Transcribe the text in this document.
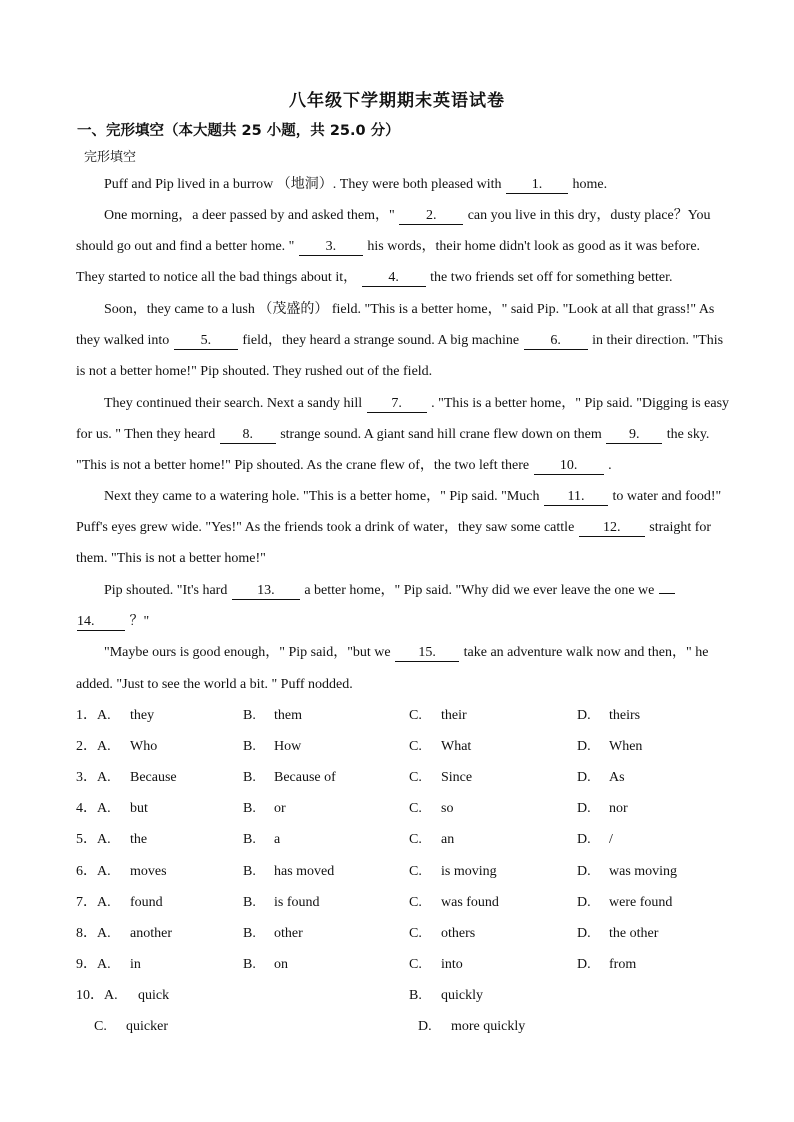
八年级下学期期末英语试卷
一、完形填空（本大题共 25 小题，共 25.0 分）
完形填空
Puff and Pip lived in a burrow （地洞）. They were both pleased with 1. home.
One morning，a deer passed by and asked them，" 2. can you live in this dry，dusty place？You
should go out and find a better home. " 3. his words，their home didn't look as good as it was before.
They started to notice all the bad things about it， 4. the two friends set off for something better.
Soon，they came to a lush （茂盛的） field. "This is a better home，" said Pip. "Look at all that grass!" As
they walked into 5. field，they heard a strange sound. A big machine 6. in their direction. "This
is not a better home!" Pip shouted. They rushed out of the field.
They continued their search. Next a sandy hill 7. . "This is a better home，" Pip said. "Digging is easy
for us. " Then they heard 8. strange sound. A giant sand hill crane flew down on them 9. the sky.
"This is not a better home!" Pip shouted. As the crane flew of，the two left there 10. .
Next they came to a watering hole. "This is a better home，" Pip said. "Much 11. to water and food!"
Puff's eyes grew wide. "Yes!" As the friends took a drink of water，they saw some cattle 12. straight for
them. "This is not a better home!"
Pip shouted. "It's hard 13. a better home，" Pip said. "Why did we ever leave the one we
14.	？"
"Maybe ours is good enough，" Pip said，"but we 15. take an adventure walk now and then，" he
added. "Just to see the world a bit. " Puff nodded.
1．A. they	B. them	C. their	D. theirs
2．A. Who	B. How	C. What	D. When
3．A. Because	B. Because of	C. Since	D. As
4．A. but	B. or	C. so	D. nor
5．A. the	B. a	C. an	D. /
6．A. moves	B. has moved	C. is moving	D. was moving
7．A. found	B. is found	C. was found	D. were found
8．A. another	B. other	C. others	D. the other
9．A. in	B. on	C. into	D. from
10．A. quick	B. quickly
C. quicker	D. more quickly
